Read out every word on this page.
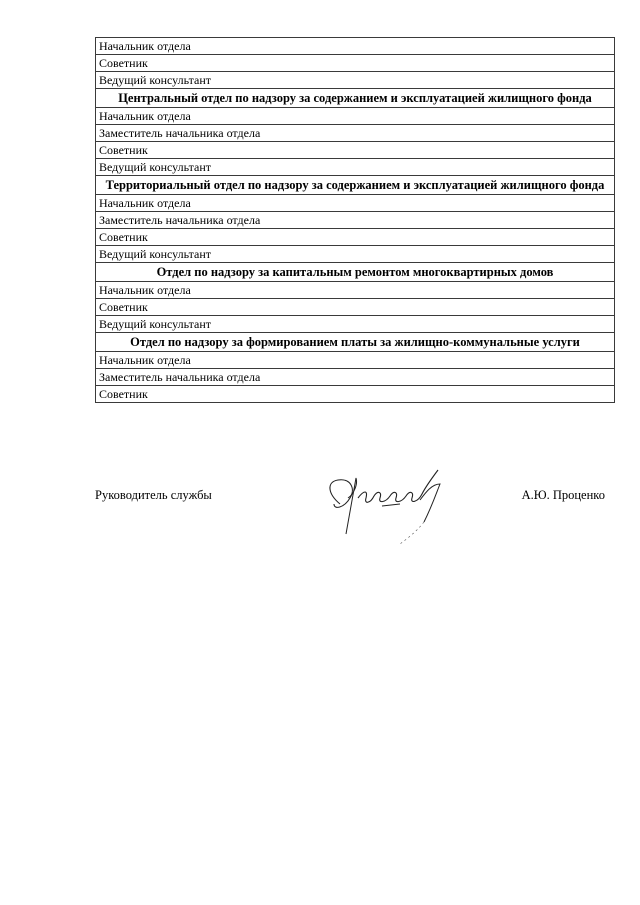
Начальник отдела
Советник
Ведущий консультант
Центральный отдел по надзору за содержанием и эксплуатацией жилищного фонда
Начальник отдела
Заместитель начальника отдела
Советник
Ведущий консультант
Территориальный отдел по надзору за содержанием и эксплуатацией жилищного фонда
Начальник отдела
Заместитель начальника отдела
Советник
Ведущий консультант
Отдел по надзору за капитальным ремонтом многоквартирных домов
Начальник отдела
Советник
Ведущий консультант
Отдел по надзору за формированием платы за жилищно-коммунальные услуги
Начальник отдела
Заместитель начальника отдела
Советник
Руководитель службы	А.Ю. Проценко
